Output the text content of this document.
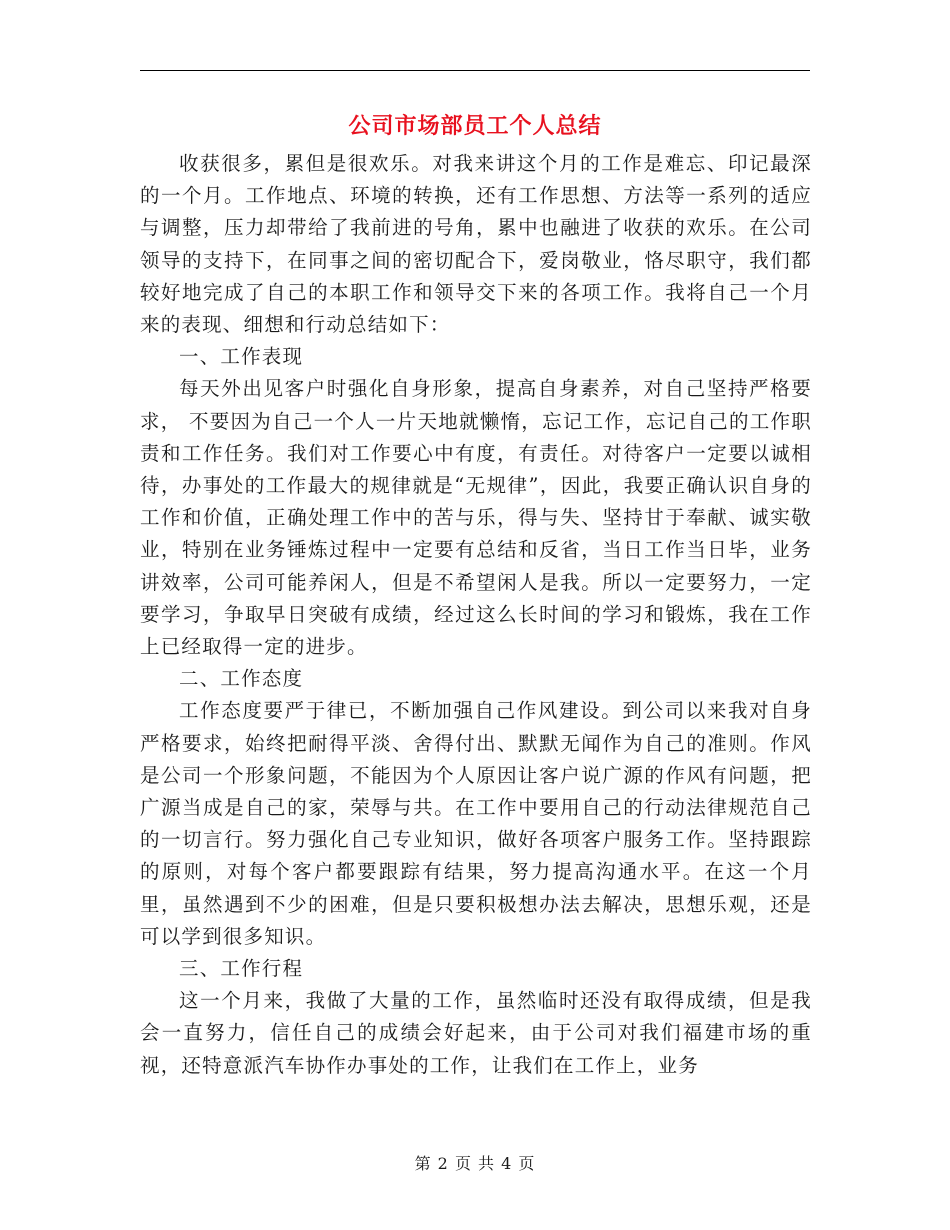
公司市场部员工个人总结

收获很多，累但是很欢乐。对我来讲这个月的工作是难忘、印记最深的一个月。工作地点、环境的转换，还有工作思想、方法等一系列的适应与调整，压力却带给了我前进的号角，累中也融进了收获的欢乐。在公司领导的支持下，在同事之间的密切配合下，爱岗敬业，恪尽职守，我们都较好地完成了自己的本职工作和领导交下来的各项工作。我将自己一个月来的表现、细想和行动总结如下：

一、工作表现

每天外出见客户时强化自身形象，提高自身素养，对自己坚持严格要求， 不要因为自己一个人一片天地就懒惰，忘记工作，忘记自己的工作职责和工作任务。我们对工作要心中有度，有责任。对待客户一定要以诚相待，办事处的工作最大的规律就是“无规律”，因此，我要正确认识自身的工作和价值，正确处理工作中的苦与乐，得与失、坚持甘于奉献、诚实敬业，特别在业务锤炼过程中一定要有总结和反省，当日工作当日毕，业务讲效率，公司可能养闲人，但是不希望闲人是我。所以一定要努力，一定要学习，争取早日突破有成绩，经过这么长时间的学习和锻炼，我在工作上已经取得一定的进步。

二、工作态度

工作态度要严于律已，不断加强自己作风建设。到公司以来我对自身严格要求，始终把耐得平淡、舍得付出、默默无闻作为自己的准则。作风是公司一个形象问题，不能因为个人原因让客户说广源的作风有问题，把广源当成是自己的家，荣辱与共。在工作中要用自己的行动法律规范自己的一切言行。努力强化自己专业知识，做好各项客户服务工作。坚持跟踪的原则，对每个客户都要跟踪有结果，努力提高沟通水平。在这一个月里，虽然遇到不少的困难，但是只要积极想办法去解决，思想乐观，还是可以学到很多知识。

三、工作行程

这一个月来，我做了大量的工作，虽然临时还没有取得成绩，但是我会一直努力，信任自己的成绩会好起来，由于公司对我们福建市场的重视，还特意派汽车协作办事处的工作，让我们在工作上，业务

第 2 页 共 4 页
